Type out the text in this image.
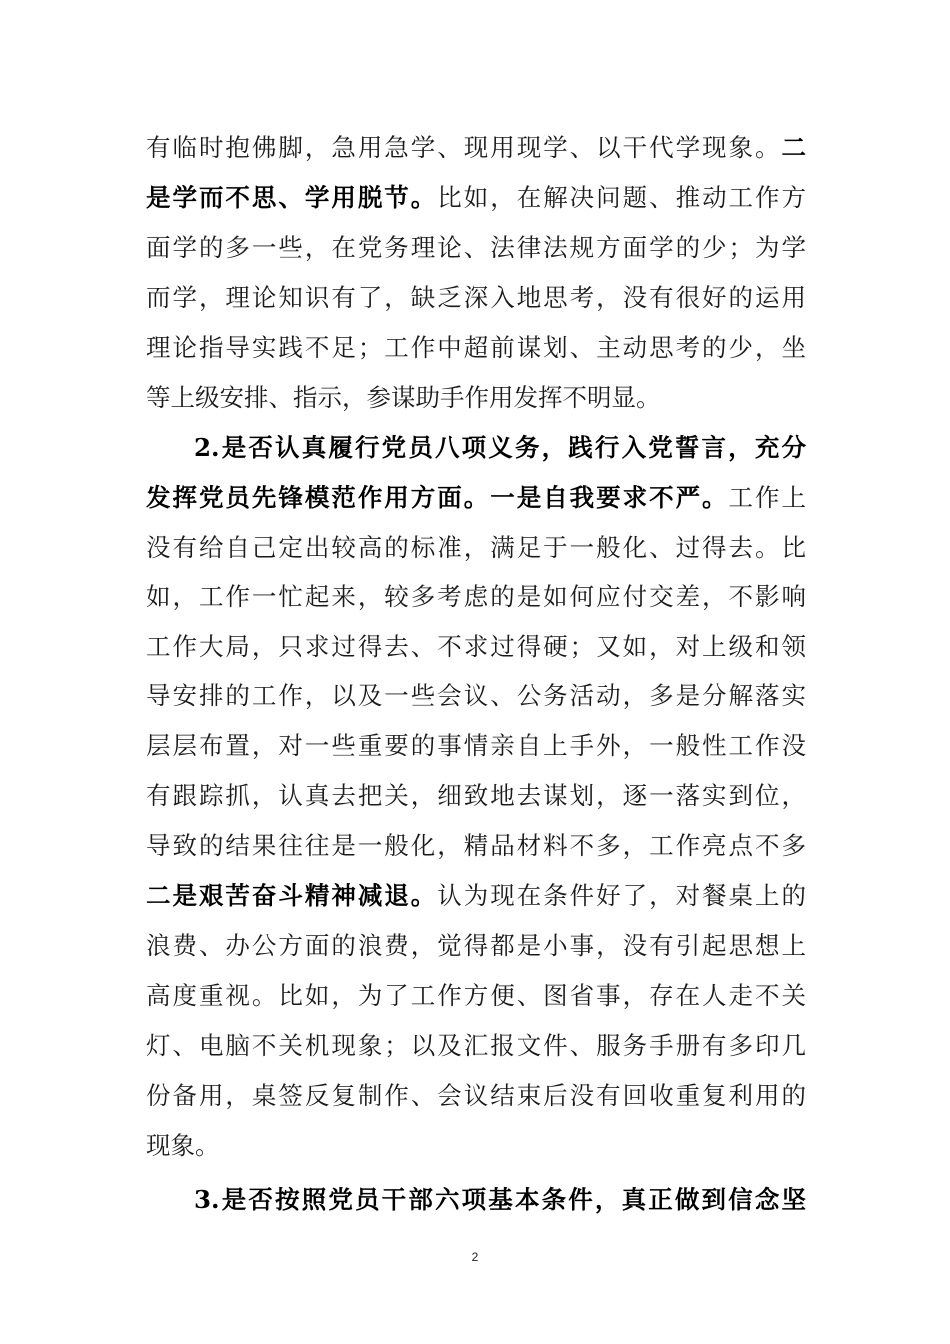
有临时抱佛脚，急用急学、现用现学、以干代学现象。二
是学而不思、学用脱节。比如，在解决问题、推动工作方
面学的多一些，在党务理论、法律法规方面学的少；为学
而学，理论知识有了，缺乏深入地思考，没有很好的运用
理论指导实践不足；工作中超前谋划、主动思考的少，坐
等上级安排、指示，参谋助手作用发挥不明显。
2.是否认真履行党员八项义务，践行入党誓言，充分
发挥党员先锋模范作用方面。一是自我要求不严。工作上
没有给自己定出较高的标准，满足于一般化、过得去。比
如，工作一忙起来，较多考虑的是如何应付交差，不影响
工作大局，只求过得去、不求过得硬；又如，对上级和领
导安排的工作，以及一些会议、公务活动，多是分解落实
层层布置，对一些重要的事情亲自上手外，一般性工作没
有跟踪抓，认真去把关，细致地去谋划，逐一落实到位，
导致的结果往往是一般化，精品材料不多，工作亮点不多
二是艰苦奋斗精神减退。认为现在条件好了，对餐桌上的
浪费、办公方面的浪费，觉得都是小事，没有引起思想上
高度重视。比如，为了工作方便、图省事，存在人走不关
灯、电脑不关机现象；以及汇报文件、服务手册有多印几
份备用，桌签反复制作、会议结束后没有回收重复利用的
现象。
3.是否按照党员干部六项基本条件，真正做到信念坚
2
